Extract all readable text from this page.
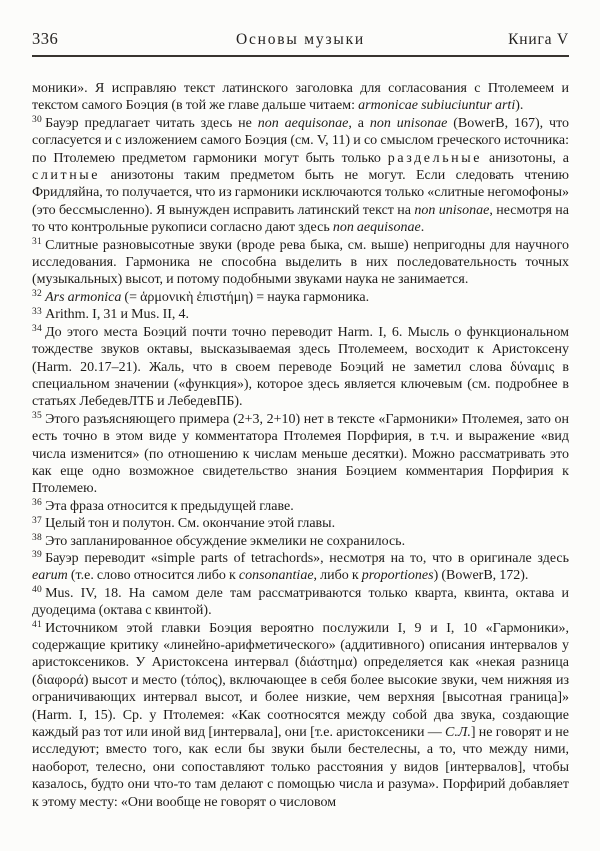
336	Основы музыки	Книга V

моники». Я исправляю текст латинского заголовка для согласования с Птолемеем и текстом самого Боэция (в той же главе дальше читаем: armonicae subiuciuntur arti).

30 Бауэр предлагает читать здесь не non aequisonae, а non unisonae (BowerB, 167), что согласуется и с изложением самого Боэция (см. V, 11) и со смыслом греческого источника: по Птолемею предметом гармоники могут быть только раздельные анизотоны, а слитные анизотоны таким предметом быть не могут. Если следовать чтению Фридляйна, то получается, что из гармоники исключаются только «слитные негомофоны» (это бессмысленно). Я вынужден исправить латинский текст на non unisonae, несмотря на то что контрольные рукописи согласно дают здесь non aequisonae.

31 Слитные разновысотные звуки (вроде рева быка, см. выше) непригодны для научного исследования. Гармоника не способна выделить в них последовательность точных (музыкальных) высот, и потому подобными звуками наука не занимается.

32 Ars armonica (= ἁρμονικὴ ἐπιστήμη) = наука гармоника.

33 Arithm. I, 31 и Mus. II, 4.

34 До этого места Боэций почти точно переводит Harm. I, 6. Мысль о функциональном тождестве звуков октавы, высказываемая здесь Птолемеем, восходит к Аристоксену (Harm. 20.17–21). Жаль, что в своем переводе Боэций не заметил слова δύναμις в специальном значении («функция»), которое здесь является ключевым (см. подробнее в статьях ЛебедевЛТБ и ЛебедевПБ).

35 Этого разъясняющего примера (2+3, 2+10) нет в тексте «Гармоники» Птолемея, зато он есть точно в этом виде у комментатора Птолемея Порфирия, в т.ч. и выражение «вид числа изменится» (по отношению к числам меньше десятки). Можно рассматривать это как еще одно возможное свидетельство знания Боэцием комментария Порфирия к Птолемею.

36 Эта фраза относится к предыдущей главе.

37 Целый тон и полутон. См. окончание этой главы.

38 Это запланированное обсуждение экмелики не сохранилось.

39 Бауэр переводит «simple parts of tetrachords», несмотря на то, что в оригинале здесь earum (т.е. слово относится либо к consonantiae, либо к proportiones) (BowerB, 172).

40 Mus. IV, 18. На самом деле там рассматриваются только кварта, квинта, октава и дуодецима (октава с квинтой).

41 Источником этой главки Боэция вероятно послужили I, 9 и I, 10 «Гармоники», содержащие критику «линейно-арифметического» (аддитивного) описания интервалов у аристоксеников. У Аристоксена интервал (διάστημα) определяется как «некая разница (διαφορά) высот и место (τόπος), включающее в себя более высокие звуки, чем нижняя из ограничивающих интервал высот, и более низкие, чем верхняя [высотная граница]» (Harm. I, 15). Ср. у Птолемея: «Как соотносятся между собой два звука, создающие каждый раз тот или иной вид [интервала], они [т.е. аристоксеники — С.Л.] не говорят и не исследуют; вместо того, как если бы звуки были бестелесны, а то, что между ними, наоборот, телесно, они сопоставляют только расстояния у видов [интервалов], чтобы казалось, будто они что-то там делают с помощью числа и разума». Порфирий добавляет к этому месту: «Они вообще не говорят о числовом
